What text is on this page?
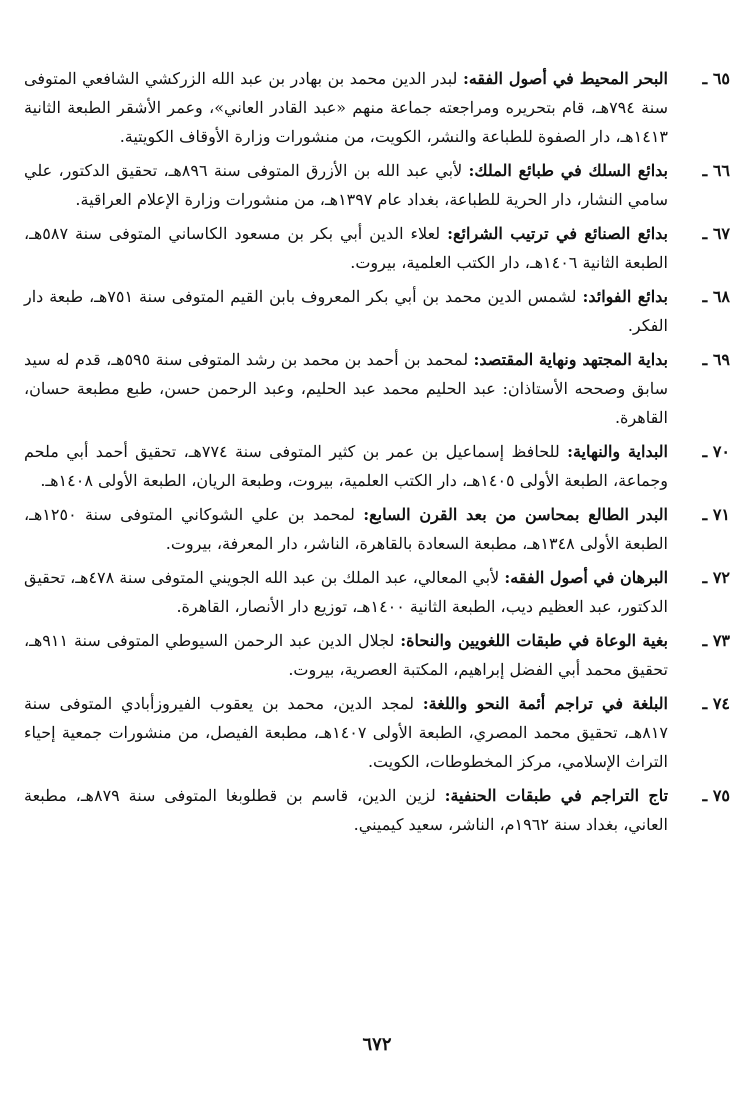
٦٥ ـ
البحر المحيط في أصول الفقه: لبدر الدين محمد بن بهادر بن عبد الله الزركشي الشافعي المتوفى سنة ٧٩٤هـ، قام بتحريره ومراجعته جماعة منهم «عبد القادر العاني»، وعمر الأشقر الطبعة الثانية ١٤١٣هـ، دار الصفوة للطباعة والنشر، الكويت، من منشورات وزارة الأوقاف الكويتية.
٦٦ ـ
بدائع السلك في طبائع الملك: لأبي عبد الله بن الأزرق المتوفى سنة ٨٩٦هـ، تحقيق الدكتور، علي سامي النشار، دار الحرية للطباعة، بغداد عام ١٣٩٧هـ، من منشورات وزارة الإعلام العراقية.
٦٧ ـ
بدائع الصنائع في ترتيب الشرائع: لعلاء الدين أبي بكر بن مسعود الكاساني المتوفى سنة ٥٨٧هـ، الطبعة الثانية ١٤٠٦هـ، دار الكتب العلمية، بيروت.
٦٨ ـ
بدائع الفوائد: لشمس الدين محمد بن أبي بكر المعروف بابن القيم المتوفى سنة ٧٥١هـ، طبعة دار الفكر.
٦٩ ـ
بداية المجتهد ونهاية المقتصد: لمحمد بن أحمد بن محمد بن رشد المتوفى سنة ٥٩٥هـ، قدم له سيد سابق وصححه الأستاذان: عبد الحليم محمد عبد الحليم، وعبد الرحمن حسن، طبع مطبعة حسان، القاهرة.
٧٠ ـ
البداية والنهاية: للحافظ إسماعيل بن عمر بن كثير المتوفى سنة ٧٧٤هـ، تحقيق أحمد أبي ملحم وجماعة، الطبعة الأولى ١٤٠٥هـ، دار الكتب العلمية، بيروت، وطبعة الريان، الطبعة الأولى ١٤٠٨هـ.
٧١ ـ
البدر الطالع بمحاسن من بعد القرن السابع: لمحمد بن علي الشوكاني المتوفى سنة ١٢٥٠هـ، الطبعة الأولى ١٣٤٨هـ، مطبعة السعادة بالقاهرة، الناشر، دار المعرفة، بيروت.
٧٢ ـ
البرهان في أصول الفقه: لأبي المعالي، عبد الملك بن عبد الله الجويني المتوفى سنة ٤٧٨هـ، تحقيق الدكتور، عبد العظيم ديب، الطبعة الثانية ١٤٠٠هـ، توزيع دار الأنصار، القاهرة.
٧٣ ـ
بغية الوعاة في طبقات اللغويين والنحاة: لجلال الدين عبد الرحمن السيوطي المتوفى سنة ٩١١هـ، تحقيق محمد أبي الفضل إبراهيم، المكتبة العصرية، بيروت.
٧٤ ـ
البلغة في تراجم أئمة النحو واللغة: لمجد الدين، محمد بن يعقوب الفيروزأبادي المتوفى سنة ٨١٧هـ، تحقيق محمد المصري، الطبعة الأولى ١٤٠٧هـ، مطبعة الفيصل، من منشورات جمعية إحياء التراث الإسلامي، مركز المخطوطات، الكويت.
٧٥ ـ
تاج التراجم في طبقات الحنفية: لزين الدين، قاسم بن قطلوبغا المتوفى سنة ٨٧٩هـ، مطبعة العاني، بغداد سنة ١٩٦٢م، الناشر، سعيد كيميني.
٦٧٢
